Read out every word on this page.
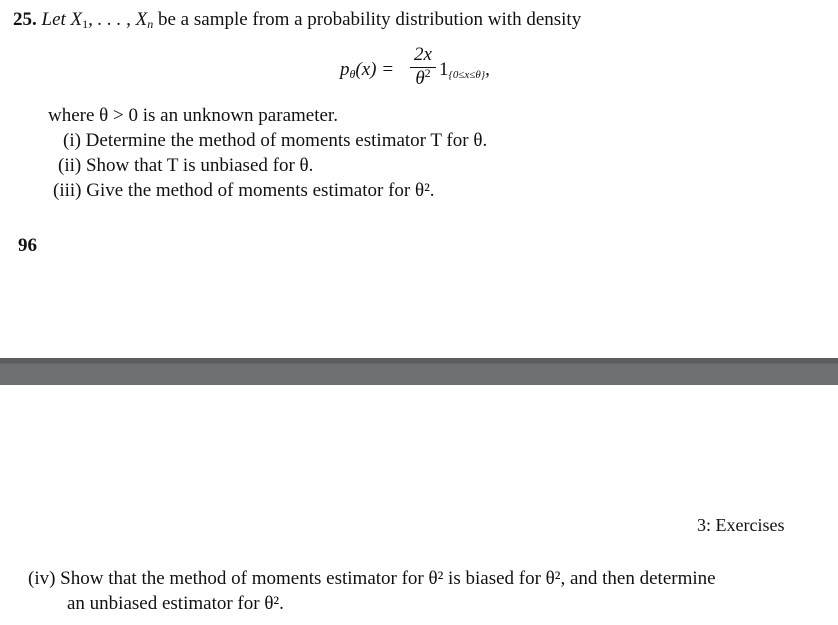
25. Let $X_1$, . . . , $X_n$ be a sample from a probability distribution with density
$p_\theta(x)$ =
2x
$\theta^2$ $1_{\{0\le x\le\theta\}}$,
where θ > 0 is an unknown parameter.
(i) Determine the method of moments estimator T for θ.
(ii) Show that T is unbiased for θ.
(iii) Give the method of moments estimator for θ².
96
3: Exercises
(iv) Show that the method of moments estimator for θ² is biased for θ², and then determine
an unbiased estimator for θ².
